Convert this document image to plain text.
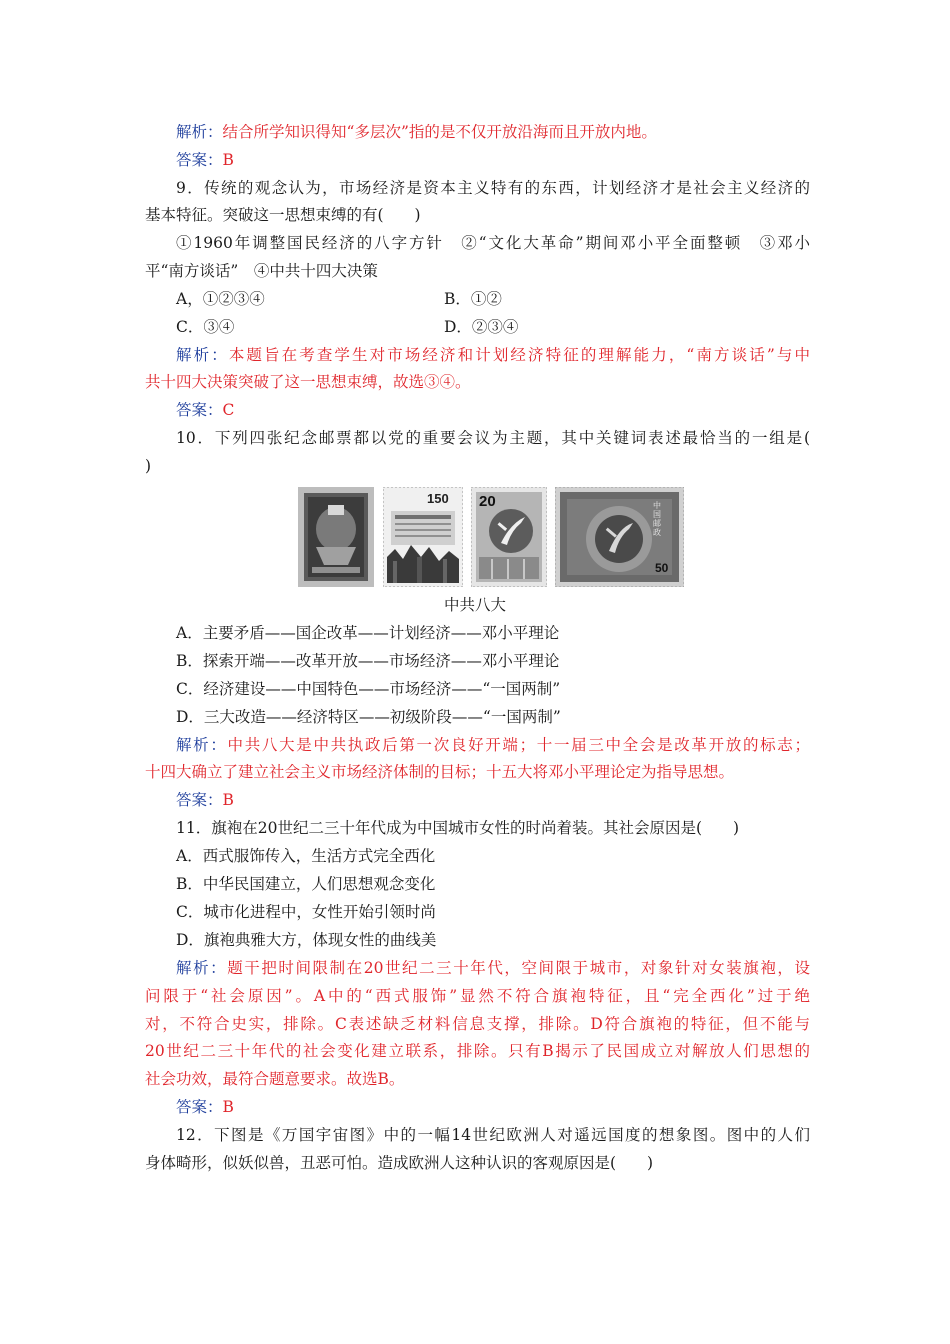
解析：结合所学知识得知“多层次”指的是不仅开放沿海而且开放内地。
答案：B
9．传统的观念认为，市场经济是资本主义特有的东西，计划经济才是社会主义经济的
基本特征。突破这一思想束缚的有(　　)
①1960年调整国民经济的八字方针　②“文化大革命”期间邓小平全面整顿　③邓小
平“南方谈话”　④中共十四大决策
A，①②③④	B．①②
C．③④	D．②③④
解析：本题旨在考查学生对市场经济和计划经济特征的理解能力，“南方谈话”与中
共十四大决策突破了这一思想束缚，故选③④。
答案：C
10．下列四张纪念邮票都以党的重要会议为主题，其中关键词表述最恰当的一组是(
)
150 20	中国邮政
50
中共八大
A．主要矛盾——国企改革——计划经济——邓小平理论
B．探索开端——改革开放——市场经济——邓小平理论
C．经济建设——中国特色——市场经济——“一国两制”
D．三大改造——经济特区——初级阶段——“一国两制”
解析：中共八大是中共执政后第一次良好开端；十一届三中全会是改革开放的标志；
十四大确立了建立社会主义市场经济体制的目标；十五大将邓小平理论定为指导思想。
答案：B
11．旗袍在20世纪二三十年代成为中国城市女性的时尚着装。其社会原因是(　　)
A．西式服饰传入，生活方式完全西化
B．中华民国建立，人们思想观念变化
C．城市化进程中，女性开始引领时尚
D．旗袍典雅大方，体现女性的曲线美
解析：题干把时间限制在20世纪二三十年代，空间限于城市，对象针对女装旗袍，设
问限于“社会原因”。A中的“西式服饰”显然不符合旗袍特征，且“完全西化”过于绝
对，不符合史实，排除。C表述缺乏材料信息支撑，排除。D符合旗袍的特征，但不能与
20世纪二三十年代的社会变化建立联系，排除。只有B揭示了民国成立对解放人们思想的
社会功效，最符合题意要求。故选B。
答案：B
12．下图是《万国宇宙图》中的一幅14世纪欧洲人对遥远国度的想象图。图中的人们
身体畸形，似妖似兽，丑恶可怕。造成欧洲人这种认识的客观原因是(　　)
